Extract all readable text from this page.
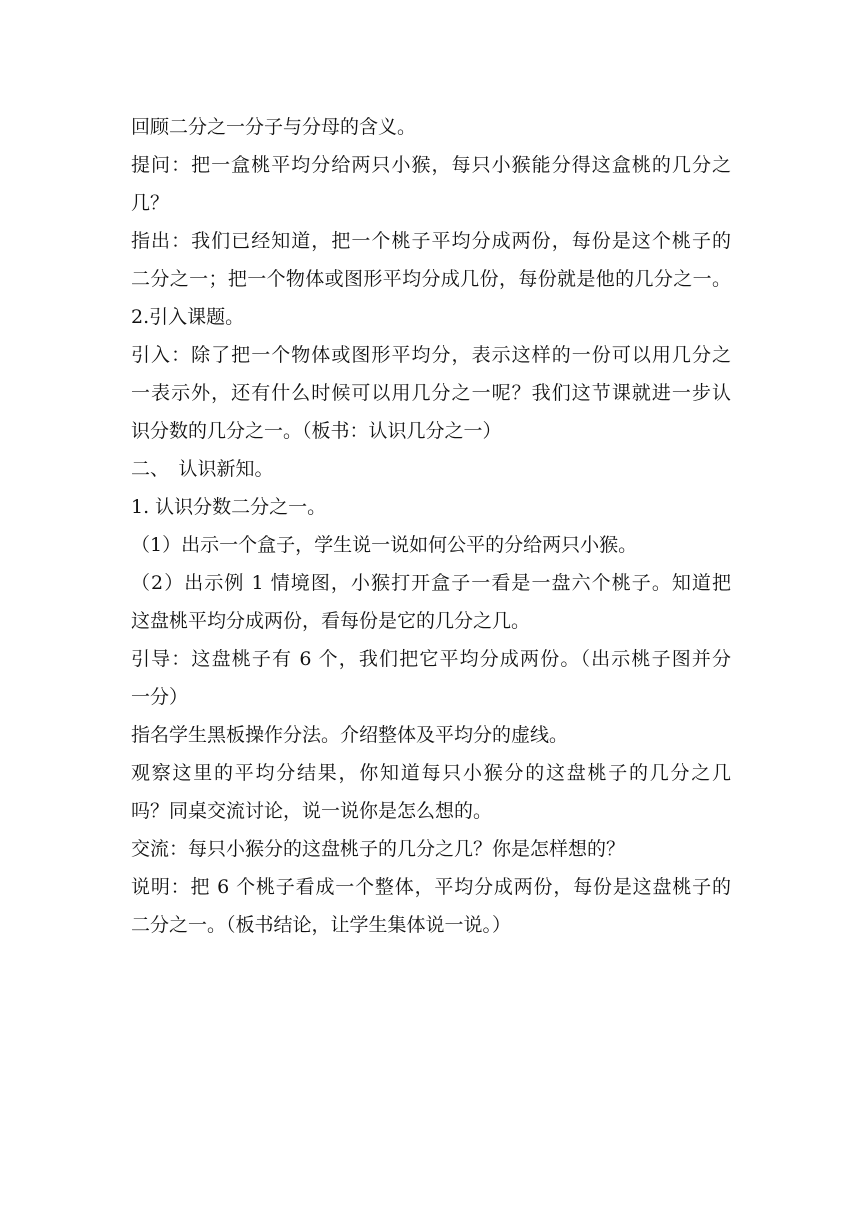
回顾二分之一分子与分母的含义。
提问：把一盒桃平均分给两只小猴，每只小猴能分得这盒桃的几分之
几？
指出：我们已经知道，把一个桃子平均分成两份，每份是这个桃子的
二分之一；把一个物体或图形平均分成几份，每份就是他的几分之一。
2.引入课题。
引入：除了把一个物体或图形平均分，表示这样的一份可以用几分之
一表示外，还有什么时候可以用几分之一呢？我们这节课就进一步认
识分数的几分之一。（板书：认识几分之一）
二、　认识新知。
1. 认识分数二分之一。
（1）出示一个盒子，学生说一说如何公平的分给两只小猴。
（2）出示例 1 情境图，小猴打开盒子一看是一盘六个桃子。知道把
这盘桃平均分成两份，看每份是它的几分之几。
引导：这盘桃子有 6 个，我们把它平均分成两份。（出示桃子图并分
一分）
指名学生黑板操作分法。介绍整体及平均分的虚线。
观察这里的平均分结果，你知道每只小猴分的这盘桃子的几分之几
吗？同桌交流讨论，说一说你是怎么想的。
交流：每只小猴分的这盘桃子的几分之几？你是怎样想的？
说明：把 6 个桃子看成一个整体，平均分成两份，每份是这盘桃子的
二分之一。（板书结论，让学生集体说一说。）
